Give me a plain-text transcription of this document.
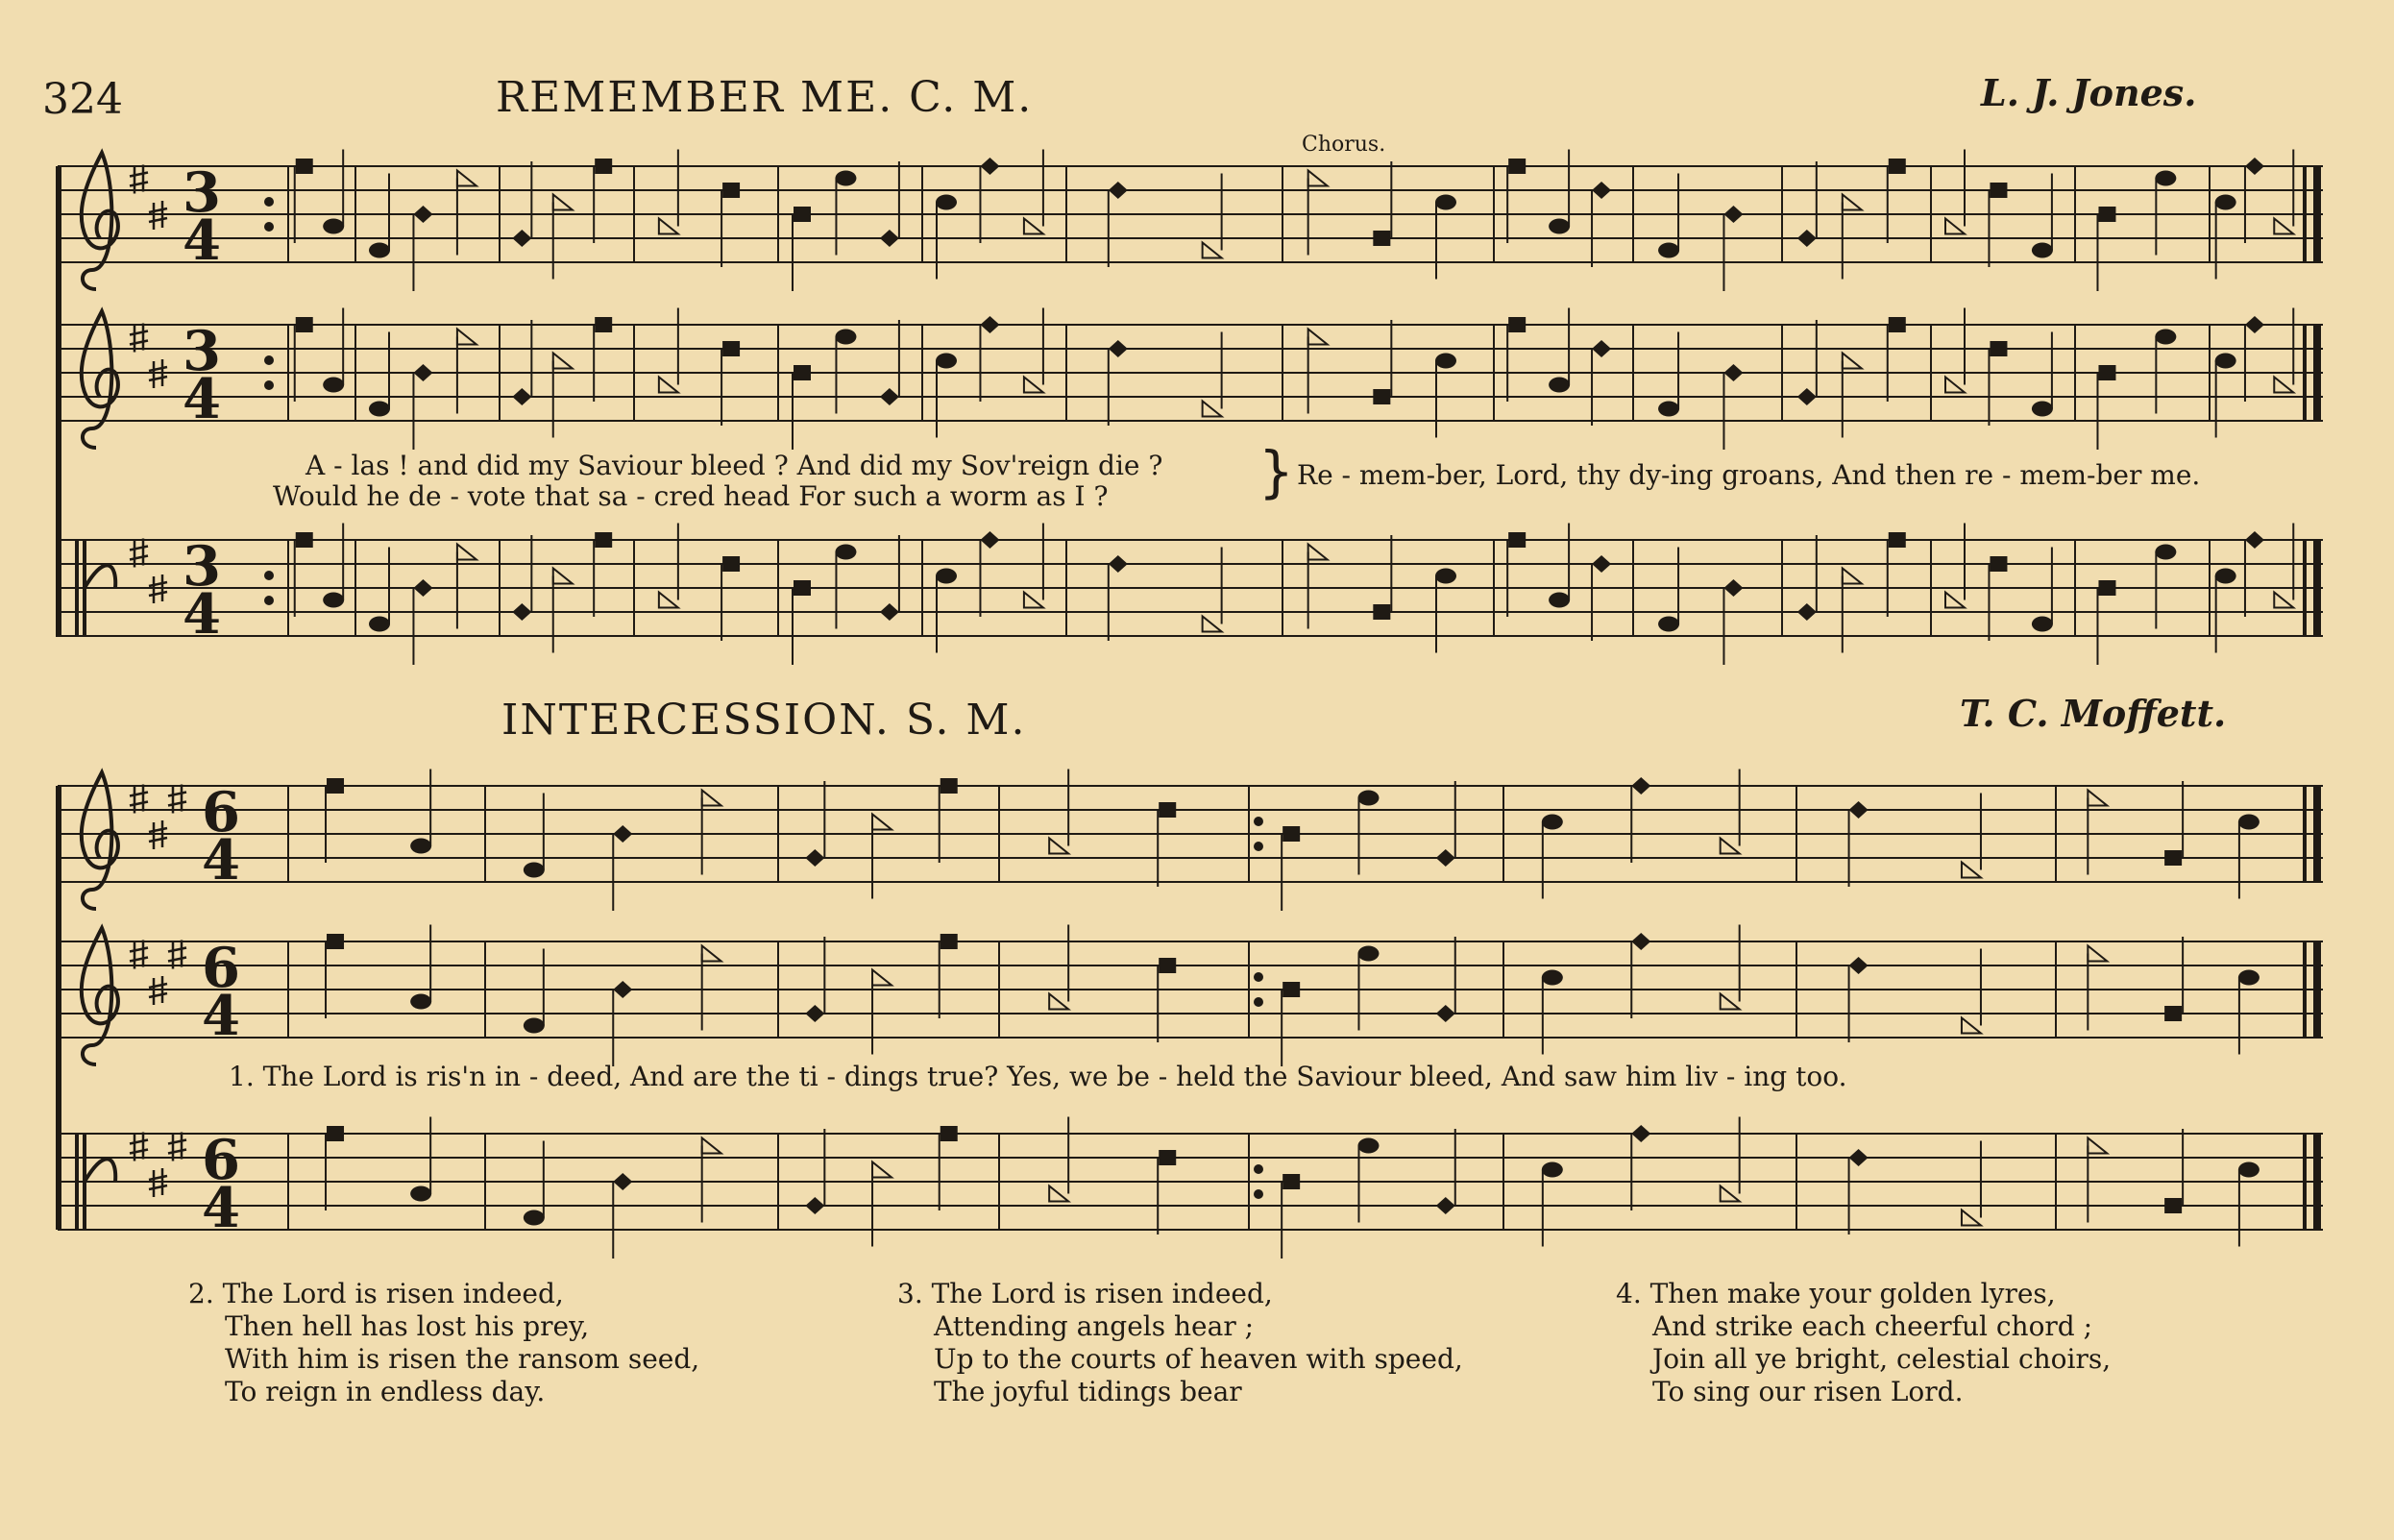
324	REMEMBER ME. C. M.	L. J. Jones.
Chorus.
3
4
3
4
3
4
6
4
6
4
6
4
A - las ! and did my Saviour bleed ? And did my Sov'reign die ?
Would he de - vote that sa - cred head For such a worm as I ?	} Re - mem-ber, Lord, thy dy-ing groans, And then re - mem-ber me.
INTERCESSION. S. M.	T. C. Moffett.
1. The Lord is ris'n in - deed, And are the ti - dings true? Yes, we be - held the Saviour bleed, And saw him liv - ing too.
2. The Lord is risen indeed,
Then hell has lost his prey,
With him is risen the ransom seed,
To reign in endless day.
3. The Lord is risen indeed,
Attending angels hear ;
Up to the courts of heaven with speed,
The joyful tidings bear
4. Then make your golden lyres,
And strike each cheerful chord ;
Join all ye bright, celestial choirs,
To sing our risen Lord.
